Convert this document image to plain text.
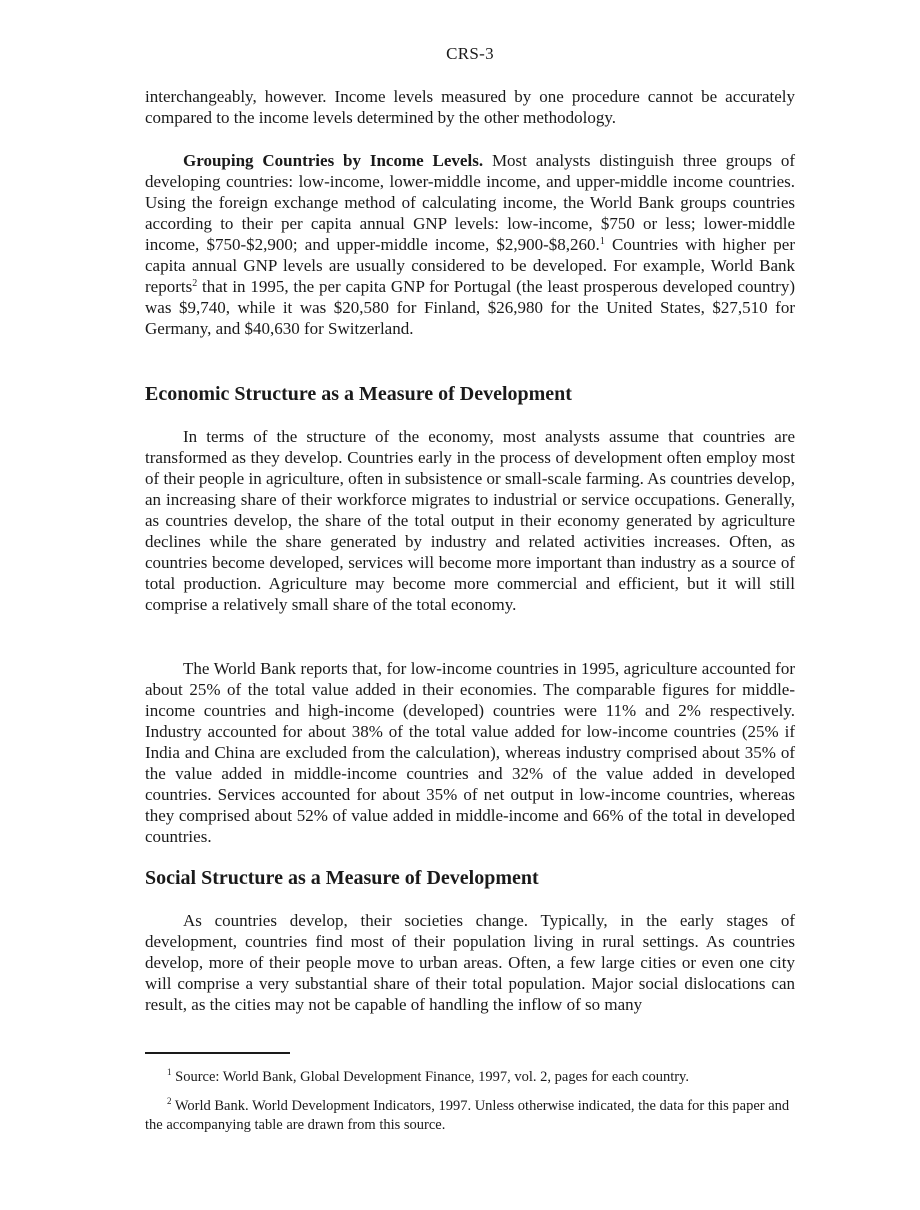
CRS-3

interchangeably, however. Income levels measured by one procedure cannot be accurately compared to the income levels determined by the other methodology.

Grouping Countries by Income Levels. Most analysts distinguish three groups of developing countries: low-income, lower-middle income, and upper-middle income countries. Using the foreign exchange method of calculating income, the World Bank groups countries according to their per capita annual GNP levels: low-income, $750 or less; lower-middle income, $750-$2,900; and upper-middle income, $2,900-$8,260.$^1$ Countries with higher per capita annual GNP levels are usually considered to be developed. For example, World Bank reports$^2$ that in 1995, the per capita GNP for Portugal (the least prosperous developed country) was $9,740, while it was $20,580 for Finland, $26,980 for the United States, $27,510 for Germany, and $40,630 for Switzerland.

Economic Structure as a Measure of Development

In terms of the structure of the economy, most analysts assume that countries are transformed as they develop. Countries early in the process of development often employ most of their people in agriculture, often in subsistence or small-scale farming. As countries develop, an increasing share of their workforce migrates to industrial or service occupations. Generally, as countries develop, the share of the total output in their economy generated by agriculture declines while the share generated by industry and related activities increases. Often, as countries become developed, services will become more important than industry as a source of total production. Agriculture may become more commercial and efficient, but it will still comprise a relatively small share of the total economy.

The World Bank reports that, for low-income countries in 1995, agriculture accounted for about 25% of the total value added in their economies. The comparable figures for middle-income countries and high-income (developed) countries were 11% and 2% respectively. Industry accounted for about 38% of the total value added for low-income countries (25% if India and China are excluded from the calculation), whereas industry comprised about 35% of the value added in middle-income countries and 32% of the value added in developed countries. Services accounted for about 35% of net output in low-income countries, whereas they comprised about 52% of value added in middle-income and 66% of the total in developed countries.

Social Structure as a Measure of Development

As countries develop, their societies change. Typically, in the early stages of development, countries find most of their population living in rural settings. As countries develop, more of their people move to urban areas. Often, a few large cities or even one city will comprise a very substantial share of their total population. Major social dislocations can result, as the cities may not be capable of handling the inflow of so many

$^1$ Source: World Bank, Global Development Finance, 1997, vol. 2, pages for each country.
$^2$ World Bank. World Development Indicators, 1997. Unless otherwise indicated, the data for this paper and the accompanying table are drawn from this source.
